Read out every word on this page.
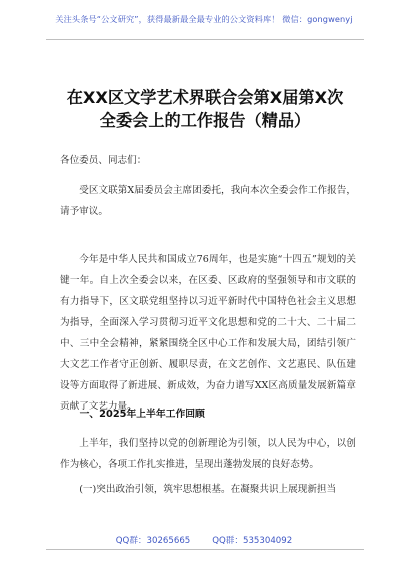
关注头条号“公文研究”，获得最新最全最专业的公文资料库！ 微信：gongwenyj
在XX区文学艺术界联合会第X届第X次
全委会上的工作报告（精品）

各位委员、同志们：

受区文联第X届委员会主席团委托，我向本次全委会作工作报告，请予审议。

今年是中华人民共和国成立76周年，也是实施“十四五”规划的关键一年。自上次全委会以来，在区委、区政府的坚强领导和市文联的有力指导下，区文联党组坚持以习近平新时代中国特色社会主义思想为指导，全面深入学习贯彻习近平文化思想和党的二十大、二十届二中、三中全会精神，紧紧围绕全区中心工作和发展大局，团结引领广大文艺工作者守正创新、履职尽责，在文艺创作、文艺惠民、队伍建设等方面取得了新进展、新成效，为奋力谱写XX区高质量发展新篇章贡献了文艺力量。

一、2025年上半年工作回顾

上半年，我们坚持以党的创新理论为引领，以人民为中心，以创作为核心，各项工作扎实推进，呈现出蓬勃发展的良好态势。

(一)突出政治引领，筑牢思想根基。在凝聚共识上展现新担当

QQ群：30265665	QQ群：535304092
